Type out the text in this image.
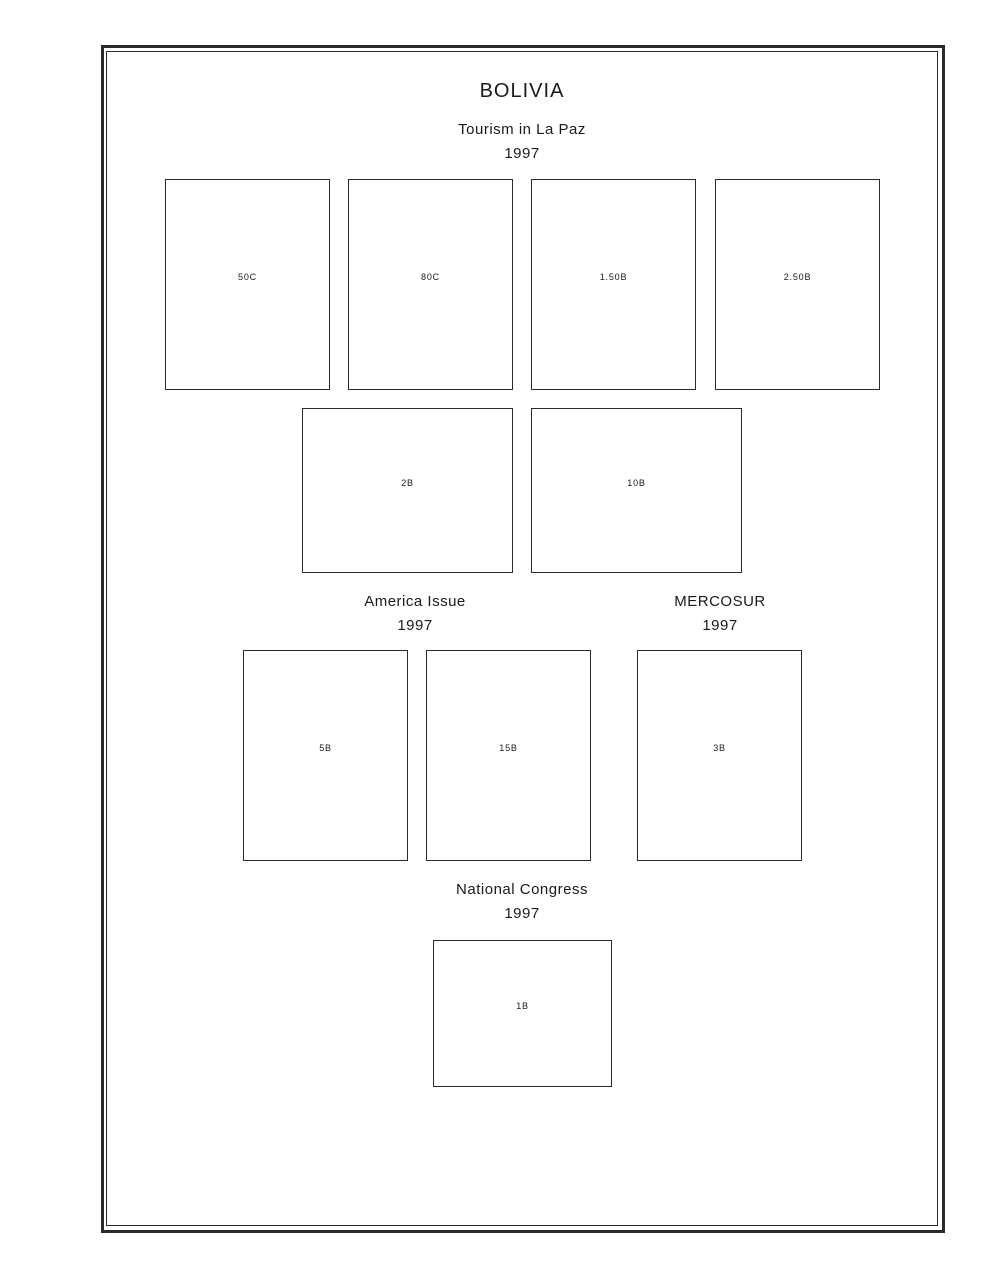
BOLIVIA
Tourism in La Paz
1997
50C	80C	1.50B	2.50B
2B	10B
America Issue
1997
MERCOSUR
1997
5B	15B	3B
National Congress
1997
1B
